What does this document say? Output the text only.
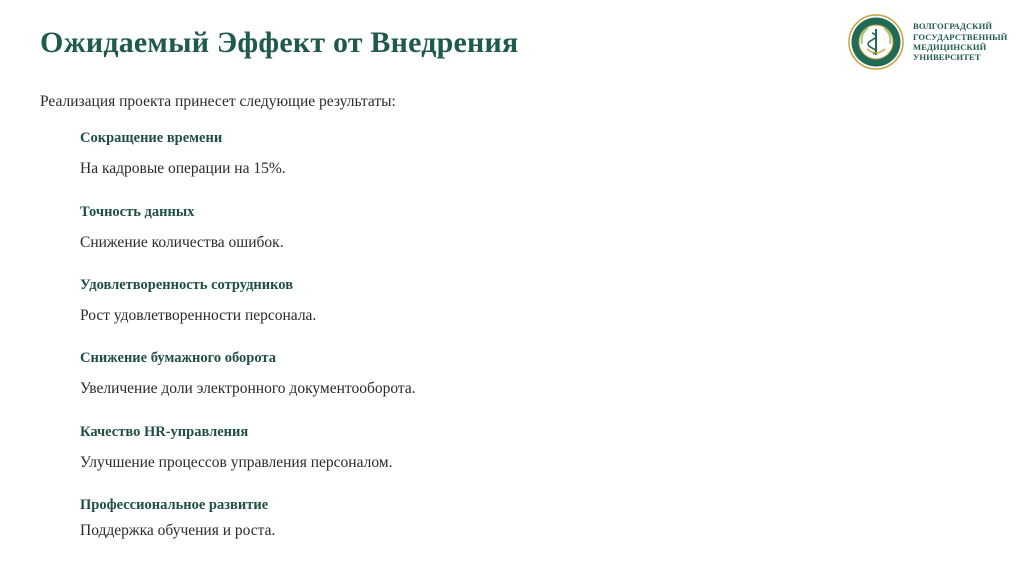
Ожидаемый Эффект от Внедрения	ВОЛГОГРАДСКИЙ
ГОСУДАРСТВЕННЫЙ
МЕДИЦИНСКИЙ
УНИВЕРСИТЕТ
Реализация проекта принесет следующие результаты:
Сокращение времени
На кадровые операции на 15%.
Точность данных
Снижение количества ошибок.
Удовлетворенность сотрудников
Рост удовлетворенности персонала.
Снижение бумажного оборота
Увеличение доли электронного документооборота.
Качество HR-управления
Улучшение процессов управления персоналом.
Профессиональное развитие
Поддержка обучения и роста.
